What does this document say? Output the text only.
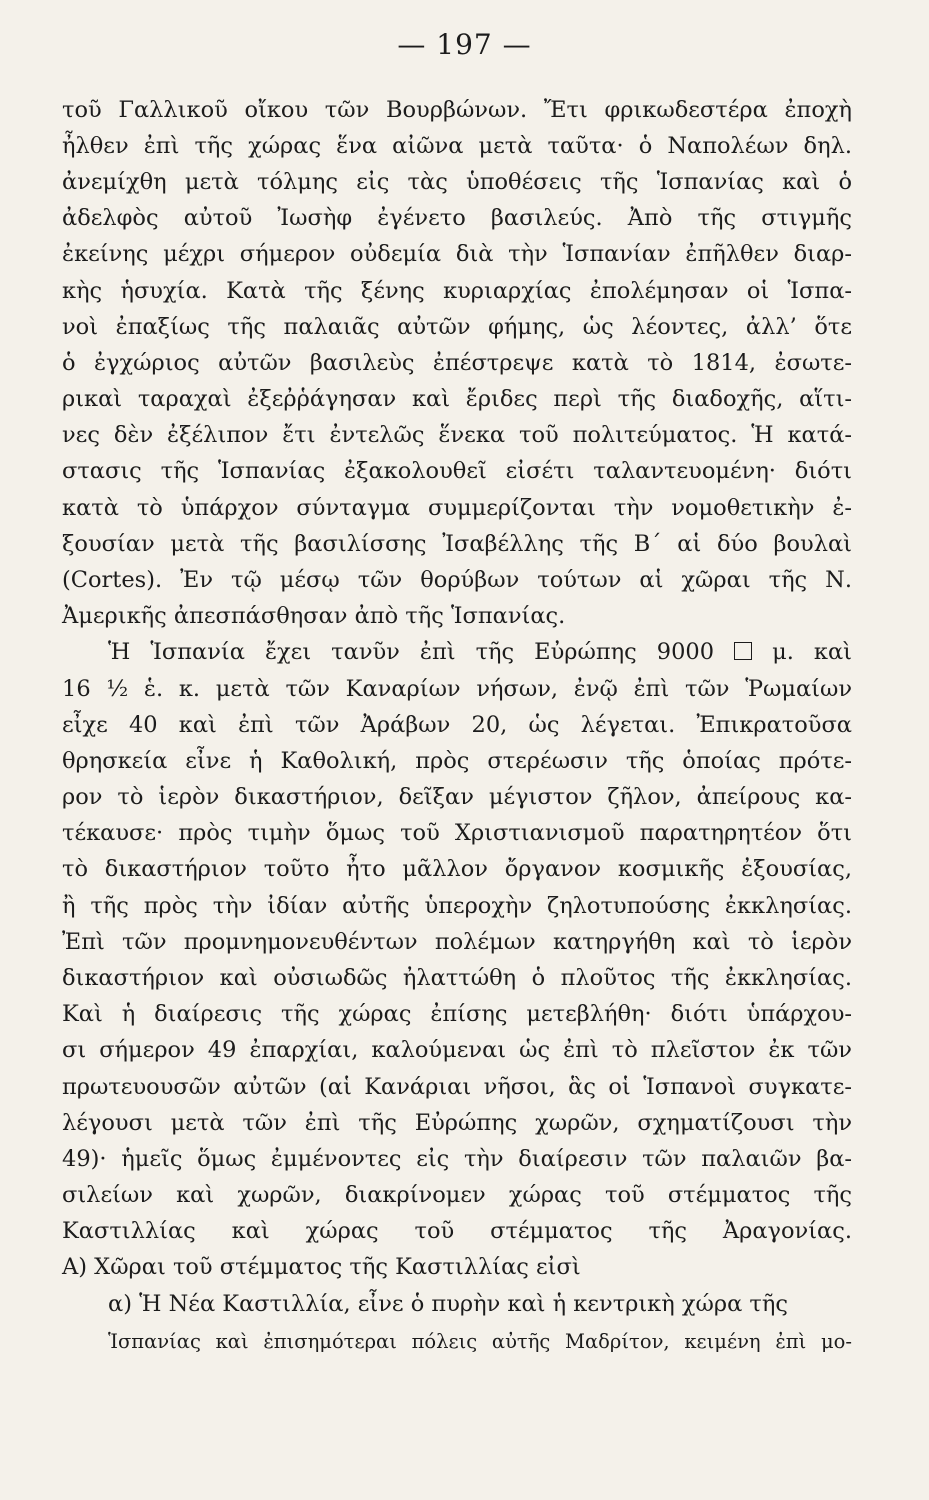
— 197 —
τοῦ Γαλλικοῦ οἴκου τῶν Βουρβώνων. Ἔτι φρικωδεστέρα ἐποχὴ
ἦλθεν ἐπὶ τῆς χώρας ἕνα αἰῶνα μετὰ ταῦτα· ὁ Ναπολέων δηλ.
ἀνεμίχθη μετὰ τόλμης εἰς τὰς ὑποθέσεις τῆς Ἱσπανίας καὶ ὁ
ἀδελφὸς αὐτοῦ Ἰωσὴφ ἐγένετο βασιλεύς. Ἀπὸ τῆς στιγμῆς
ἐκείνης μέχρι σήμερον οὐδεμία διὰ τὴν Ἱσπανίαν ἐπῆλθεν διαρ-
κὴς ἡσυχία. Κατὰ τῆς ξένης κυριαρχίας ἐπολέμησαν οἱ Ἱσπα-
νοὶ ἐπαξίως τῆς παλαιᾶς αὐτῶν φήμης, ὡς λέοντες, ἀλλ’ ὅτε
ὁ ἐγχώριος αὐτῶν βασιλεὺς ἐπέστρεψε κατὰ τὸ 1814, ἐσωτε-
ρικαὶ ταραχαὶ ἐξεῤῥάγησαν καὶ ἔριδες περὶ τῆς διαδοχῆς, αἵτι-
νες δὲν ἐξέλιπον ἔτι ἐντελῶς ἕνεκα τοῦ πολιτεύματος. Ἡ κατά-
στασις τῆς Ἱσπανίας ἐξακολουθεῖ εἰσέτι ταλαντευομένη· διότι
κατὰ τὸ ὑπάρχον σύνταγμα συμμερίζονται τὴν νομοθετικὴν ἐ-
ξουσίαν μετὰ τῆς βασιλίσσης Ἰσαβέλλης τῆς Β΄ αἱ δύο βουλαὶ
(Cortes). Ἐν τῷ μέσῳ τῶν θορύβων τούτων αἱ χῶραι τῆς Ν.
Ἀμερικῆς ἀπεσπάσθησαν ἀπὸ τῆς Ἱσπανίας.
Ἡ Ἱσπανία ἔχει τανῦν ἐπὶ τῆς Εὐρώπης 9000	μ. καὶ
16 ½ ἑ. κ. μετὰ τῶν Καναρίων νήσων, ἐνῷ ἐπὶ τῶν Ῥωμαίων
εἶχε 40 καὶ ἐπὶ τῶν Ἀράβων 20, ὡς λέγεται. Ἐπικρατοῦσα
θρησκεία εἶνε ἡ Καθολική, πρὸς στερέωσιν τῆς ὁποίας πρότε-
ρον τὸ ἱερὸν δικαστήριον, δεῖξαν μέγιστον ζῆλον, ἀπείρους κα-
τέκαυσε· πρὸς τιμὴν ὅμως τοῦ Χριστιανισμοῦ παρατηρητέον ὅτι
τὸ δικαστήριον τοῦτο ἦτο μᾶλλον ὄργανον κοσμικῆς ἐξουσίας,
ἢ τῆς πρὸς τὴν ἰδίαν αὐτῆς ὑπεροχὴν ζηλοτυπούσης ἐκκλησίας.
Ἐπὶ τῶν προμνημονευθέντων πολέμων κατηργήθη καὶ τὸ ἱερὸν
δικαστήριον καὶ οὐσιωδῶς ἠλαττώθη ὁ πλοῦτος τῆς ἐκκλησίας.
Καὶ ἡ διαίρεσις τῆς χώρας ἐπίσης μετεβλήθη· διότι ὑπάρχου-
σι σήμερον 49 ἐπαρχίαι, καλούμεναι ὡς ἐπὶ τὸ πλεῖστον ἐκ τῶν
πρωτευουσῶν αὐτῶν (αἱ Κανάριαι νῆσοι, ἃς οἱ Ἱσπανοὶ συγκατε-
λέγουσι μετὰ τῶν ἐπὶ τῆς Εὐρώπης χωρῶν, σχηματίζουσι τὴν
49)· ἡμεῖς ὅμως ἐμμένοντες εἰς τὴν διαίρεσιν τῶν παλαιῶν βα-
σιλείων καὶ χωρῶν, διακρίνομεν χώρας τοῦ στέμματος τῆς
Καστιλλίας καὶ χώρας τοῦ στέμματος τῆς Ἀραγονίας.
Α) Χῶραι τοῦ στέμματος τῆς Καστιλλίας εἰσὶ
α) Ἡ Νέα Καστιλλία, εἶνε ὁ πυρὴν καὶ ἡ κεντρικὴ χώρα τῆς
Ἱσπανίας καὶ ἐπισημότεραι πόλεις αὐτῆς Μαδρίτον, κειμένη ἐπὶ μο-
